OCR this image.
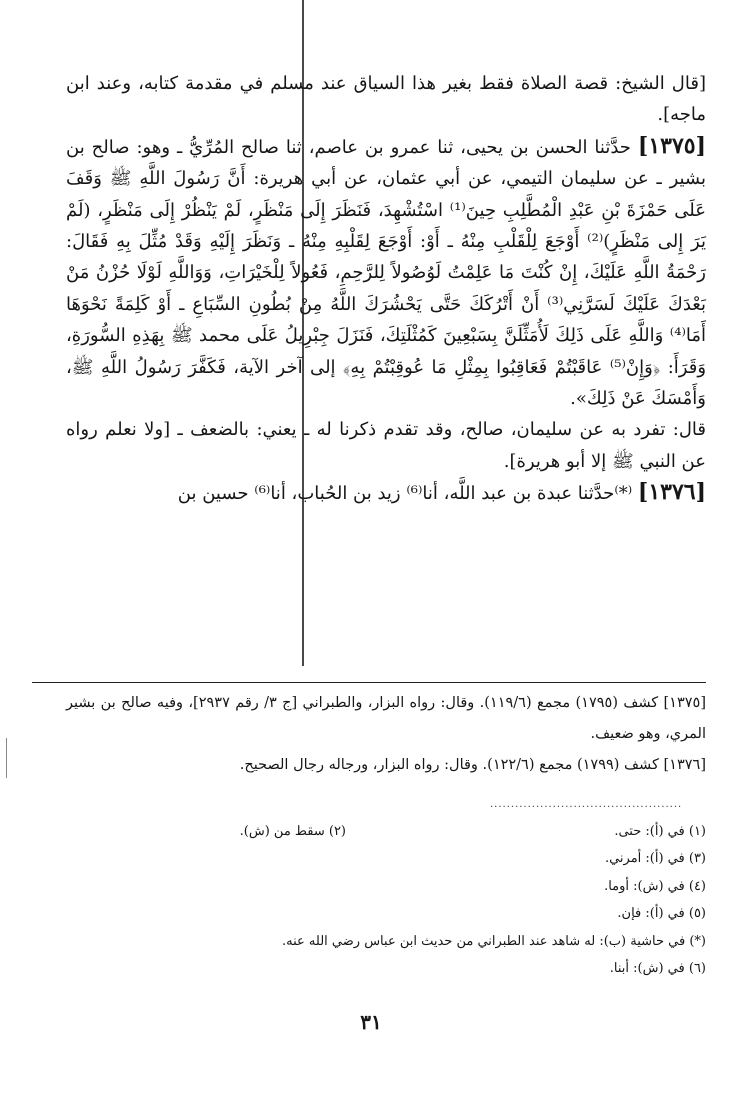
[قال الشيخ: قصة الصلاة فقط بغير هذا السياق عند مسلم في مقدمة كتابه، وعند ابن ماجه].

[١٣٧٥] حدَّثنا الحسن بن يحيى، ثنا عمرو بن عاصم، ثنا صالح المُرِّيُّ ـ وهو: صالح بن بشير ـ عن سليمان التيمي، عن أبي عثمان، عن أبي هريرة: أَنَّ رَسُولَ اللَّهِ ﷺ وَقَفَ عَلَى حَمْزَةَ بْنِ عَبْدِ الْمُطَّلِبِ حِينَ⁽¹⁾ اسْتُشْهِدَ، فَنَظَرَ إِلَى مَنْظَرٍ، لَمْ يَنْظُرْ إِلَى مَنْظَرٍ، (لَمْ يَرَ إِلى مَنْظَرٍ)⁽²⁾ أَوْجَعَ لِلْقَلْبِ مِنْهُ ـ أَوْ: أَوْجَعَ لِقَلْبِهِ مِنْهُ ـ وَنَظَرَ إِلَيْهِ وَقَدْ مُثِّلَ بِهِ فَقَالَ: رَحْمَةُ اللَّهِ عَلَيْكَ، إِنْ كُنْتَ مَا عَلِمْتُ لَوُصُولاً لِلرَّحِمِ، فَعُولاً لِلْخَيْرَاتِ، وَوَاللَّهِ لَوْلَا حُزْنُ مَنْ بَعْدَكَ عَلَيْكَ لَسَرَّنِي⁽³⁾ أَنْ أَتْرُكَكَ حَتَّى يَحْشُرَكَ اللَّهُ مِنْ بُطُونِ السِّبَاعِ ـ أَوْ كَلِمَةً نَحْوَهَا أَمَا⁽⁴⁾ وَاللَّهِ عَلَى ذَلِكَ لَأُمَثِّلَنَّ بِسَبْعِينَ كَمُثْلَتِكَ، فَنَزَلَ جِبْرِيلُ عَلَى محمد ﷺ بِهَذِهِ السُّورَةِ، وَقَرَأَ: ﴿وَإِنْ⁽⁵⁾ عَاقَبْتُمْ فَعَاقِبُوا بِمِثْلِ مَا عُوقِبْتُمْ بِهِ﴾ إلى آخر الآية، فَكَفَّرَ رَسُولُ اللَّهِ ﷺ، وَأَمْسَكَ عَنْ ذَلِكَ».

قال: تفرد به عن سليمان، صالح، وقد تقدم ذكرنا له ـ يعني: بالضعف ـ [ولا نعلم رواه عن النبي ﷺ إلا أبو هريرة].

[١٣٧٦] ⁽*⁾حدَّثنا عبدة بن عبد اللَّه، أنا⁽⁶⁾ زيد بن الحُباب، أنا⁽⁶⁾ حسين بن

[١٣٧٥] كشف (١٧٩٥) مجمع (١١٩/٦). وقال: رواه البزار، والطبراني [ج ٣/ رقم ٢٩٣٧]، وفيه صالح بن بشير المري، وهو ضعيف.

[١٣٧٦] كشف (١٧٩٩) مجمع (١٢٢/٦). وقال: رواه البزار، ورجاله رجال الصحيح.

..............................................
(١) في (أ): حتى.
(٢) سقط من (ش).
(٣) في (أ): أمرني.
(٤) في (ش): أوما.
(٥) في (أ): فإن.
(*) في حاشية (ب): له شاهد عند الطبراني من حديث ابن عباس رضي الله عنه.
(٦) في (ش): أبنا.
٣١
